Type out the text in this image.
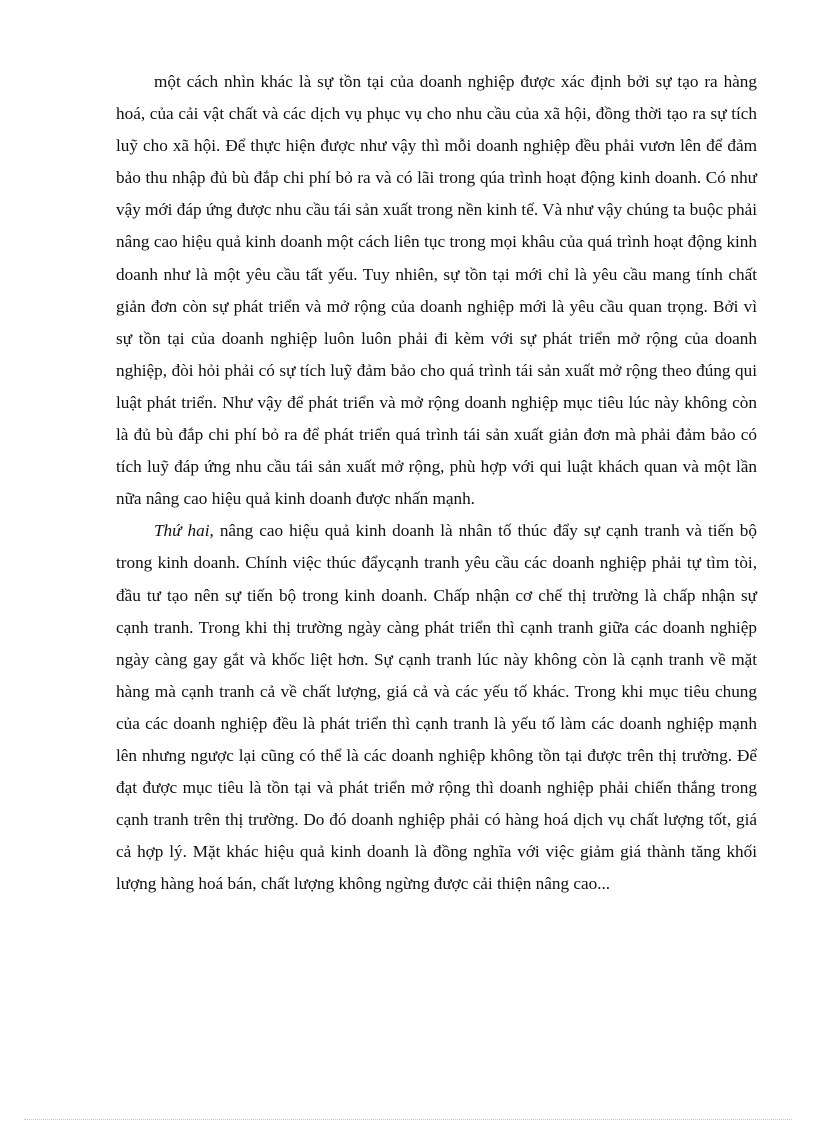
một cách nhìn khác là sự tồn tại của doanh nghiệp được xác định bởi sự tạo ra hàng hoá, của cải vật chất và các dịch vụ phục vụ cho nhu cầu của xã hội, đồng thời tạo ra sự tích luỹ cho xã hội. Để thực hiện được như vậy thì mỗi doanh nghiệp đều phải vươn lên để đảm bảo thu nhập đủ bù đắp chi phí bỏ ra và có lãi trong qúa trình hoạt động kinh doanh. Có như vậy mới đáp ứng được nhu cầu tái sản xuất trong nền kinh tế. Và như vậy chúng ta buộc phải nâng cao hiệu quả kinh doanh một cách liên tục trong mọi khâu của quá trình hoạt động kinh doanh như là một yêu cầu tất yếu. Tuy nhiên, sự tồn tại mới chỉ là yêu cầu mang tính chất giản đơn còn sự phát triển và mở rộng của doanh nghiệp mới là yêu cầu quan trọng. Bởi vì sự tồn tại của doanh nghiệp luôn luôn phải đi kèm với sự phát triển mở rộng của doanh nghiệp, đòi hỏi phải có sự tích luỹ đảm bảo cho quá trình tái sản xuất mở rộng theo đúng qui luật phát triển. Như vậy để phát triển và mở rộng doanh nghiệp mục tiêu lúc này không còn là đủ bù đắp chi phí bỏ ra để phát triển quá trình tái sản xuất giản đơn mà phải đảm bảo có tích luỹ đáp ứng nhu cầu tái sản xuất mở rộng, phù hợp với qui luật khách quan và một lần nữa nâng cao hiệu quả kinh doanh được nhấn mạnh.

Thứ hai, nâng cao hiệu quả kinh doanh là nhân tố thúc đẩy sự cạnh tranh và tiến bộ trong kinh doanh. Chính việc thúc đẩycạnh tranh yêu cầu các doanh nghiệp phải tự tìm tòi, đầu tư tạo nên sự tiến bộ trong kinh doanh. Chấp nhận cơ chế thị trường là chấp nhận sự cạnh tranh. Trong khi thị trường ngày càng phát triển thì cạnh tranh giữa các doanh nghiệp ngày càng gay gắt và khốc liệt hơn. Sự cạnh tranh lúc này không còn là cạnh tranh về mặt hàng mà cạnh tranh cả về chất lượng, giá cả và các yếu tố khác. Trong khi mục tiêu chung của các doanh nghiệp đều là phát triển thì cạnh tranh là yếu tố làm các doanh nghiệp mạnh lên nhưng ngược lại cũng có thể là các doanh nghiệp không tồn tại được trên thị trường. Để đạt được mục tiêu là tồn tại và phát triển mở rộng thì doanh nghiệp phải chiến thắng trong cạnh tranh trên thị trường. Do đó doanh nghiệp phải có hàng hoá dịch vụ chất lượng tốt, giá cả hợp lý. Mặt khác hiệu quả kinh doanh là đồng nghĩa với việc giảm giá thành tăng khối lượng hàng hoá bán, chất lượng không ngừng được cải thiện nâng cao...
